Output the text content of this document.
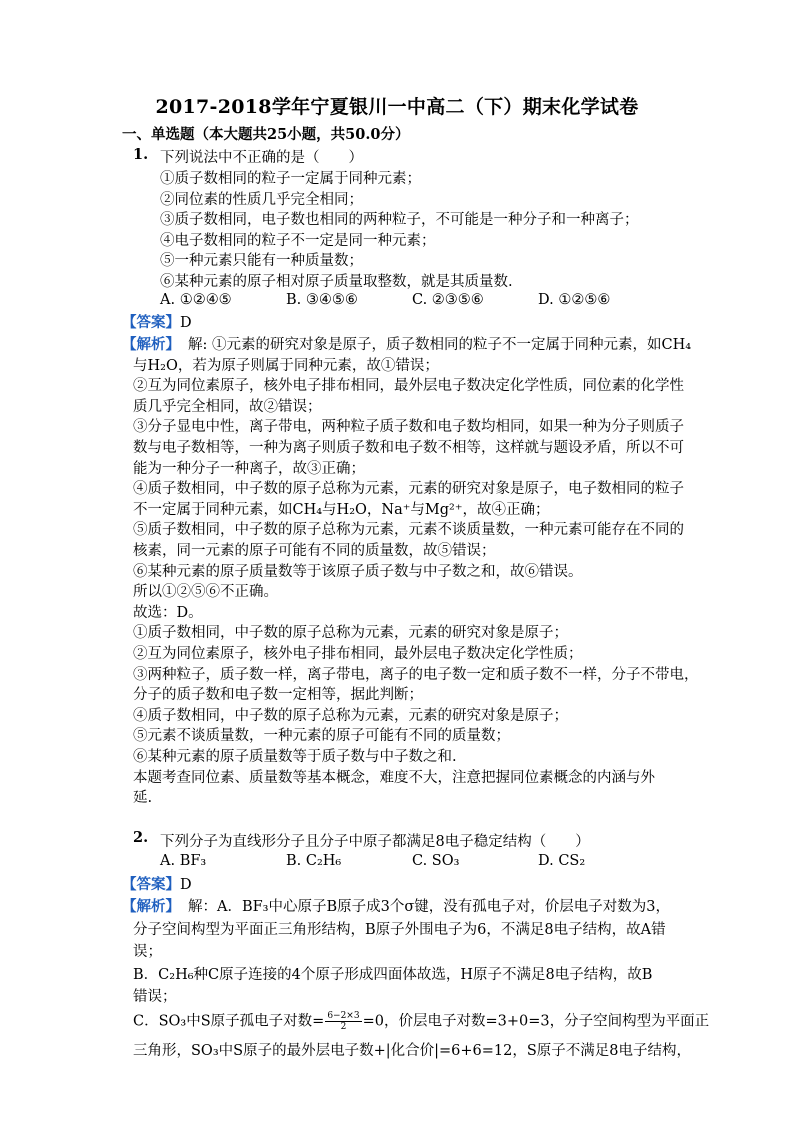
2017-2018学年宁夏银川一中高二（下）期末化学试卷
一、单选题（本大题共25小题，共50.0分）
1. 下列说法中不正确的是（　　）
①质子数相同的粒子一定属于同种元素；
②同位素的性质几乎完全相同；
③质子数相同，电子数也相同的两种粒子，不可能是一种分子和一种离子；
④电子数相同的粒子不一定是同一种元素；
⑤一种元素只能有一种质量数；
⑥某种元素的原子相对原子质量取整数，就是其质量数.
A. ①②④⑤	B. ③④⑤⑥	C. ②③⑤⑥	D. ①②⑤⑥
【答案】D
【解析】 解: ①元素的研究对象是原子，质子数相同的粒子不一定属于同种元素，如CH₄
与H₂O，若为原子则属于同种元素，故①错误；
②互为同位素原子，核外电子排布相同，最外层电子数决定化学性质，同位素的化学性
质几乎完全相同，故②错误；
③分子显电中性，离子带电，两种粒子质子数和电子数均相同，如果一种为分子则质子
数与电子数相等，一种为离子则质子数和电子数不相等，这样就与题设矛盾，所以不可
能为一种分子一种离子，故③正确；
④质子数相同，中子数的原子总称为元素，元素的研究对象是原子，电子数相同的粒子
不一定属于同种元素，如CH₄与H₂O，Na⁺与Mg²⁺，故④正确；
⑤质子数相同，中子数的原子总称为元素，元素不谈质量数，一种元素可能存在不同的
核素，同一元素的原子可能有不同的质量数，故⑤错误；
⑥某种元素的原子质量数等于该原子质子数与中子数之和，故⑥错误。
所以①②⑤⑥不正确。
故选：D。
①质子数相同，中子数的原子总称为元素，元素的研究对象是原子；
②互为同位素原子，核外电子排布相同，最外层电子数决定化学性质；
③两种粒子，质子数一样，离子带电，离子的电子数一定和质子数不一样，分子不带电，
分子的质子数和电子数一定相等，据此判断；
④质子数相同，中子数的原子总称为元素，元素的研究对象是原子；
⑤元素不谈质量数，一种元素的原子可能有不同的质量数；
⑥某种元素的原子质量数等于质子数与中子数之和.
本题考查同位素、质量数等基本概念，难度不大，注意把握同位素概念的内涵与外
延.
2. 下列分子为直线形分子且分子中原子都满足8电子稳定结构（　　）
A. BF₃	B. C₂H₆	C. SO₃	D. CS₂
【答案】D
【解析】 解：A．BF₃中心原子B原子成3个σ键，没有孤电子对，价层电子对数为3，
分子空间构型为平面正三角形结构，B原子外围电子为6，不满足8电子结构，故A错
误；
B．C₂H₆种C原子连接的4个原子形成四面体故选，H原子不满足8电子结构，故B
错误；
C．SO₃中S原子孤电子对数= $\frac{6-2\times 3}{2} =0$，价层电子对数=3+0=3，分子空间构型为平面正
三角形，SO₃中S原子的最外层电子数+|化合价|=6+6=12，S原子不满足8电子结构，
